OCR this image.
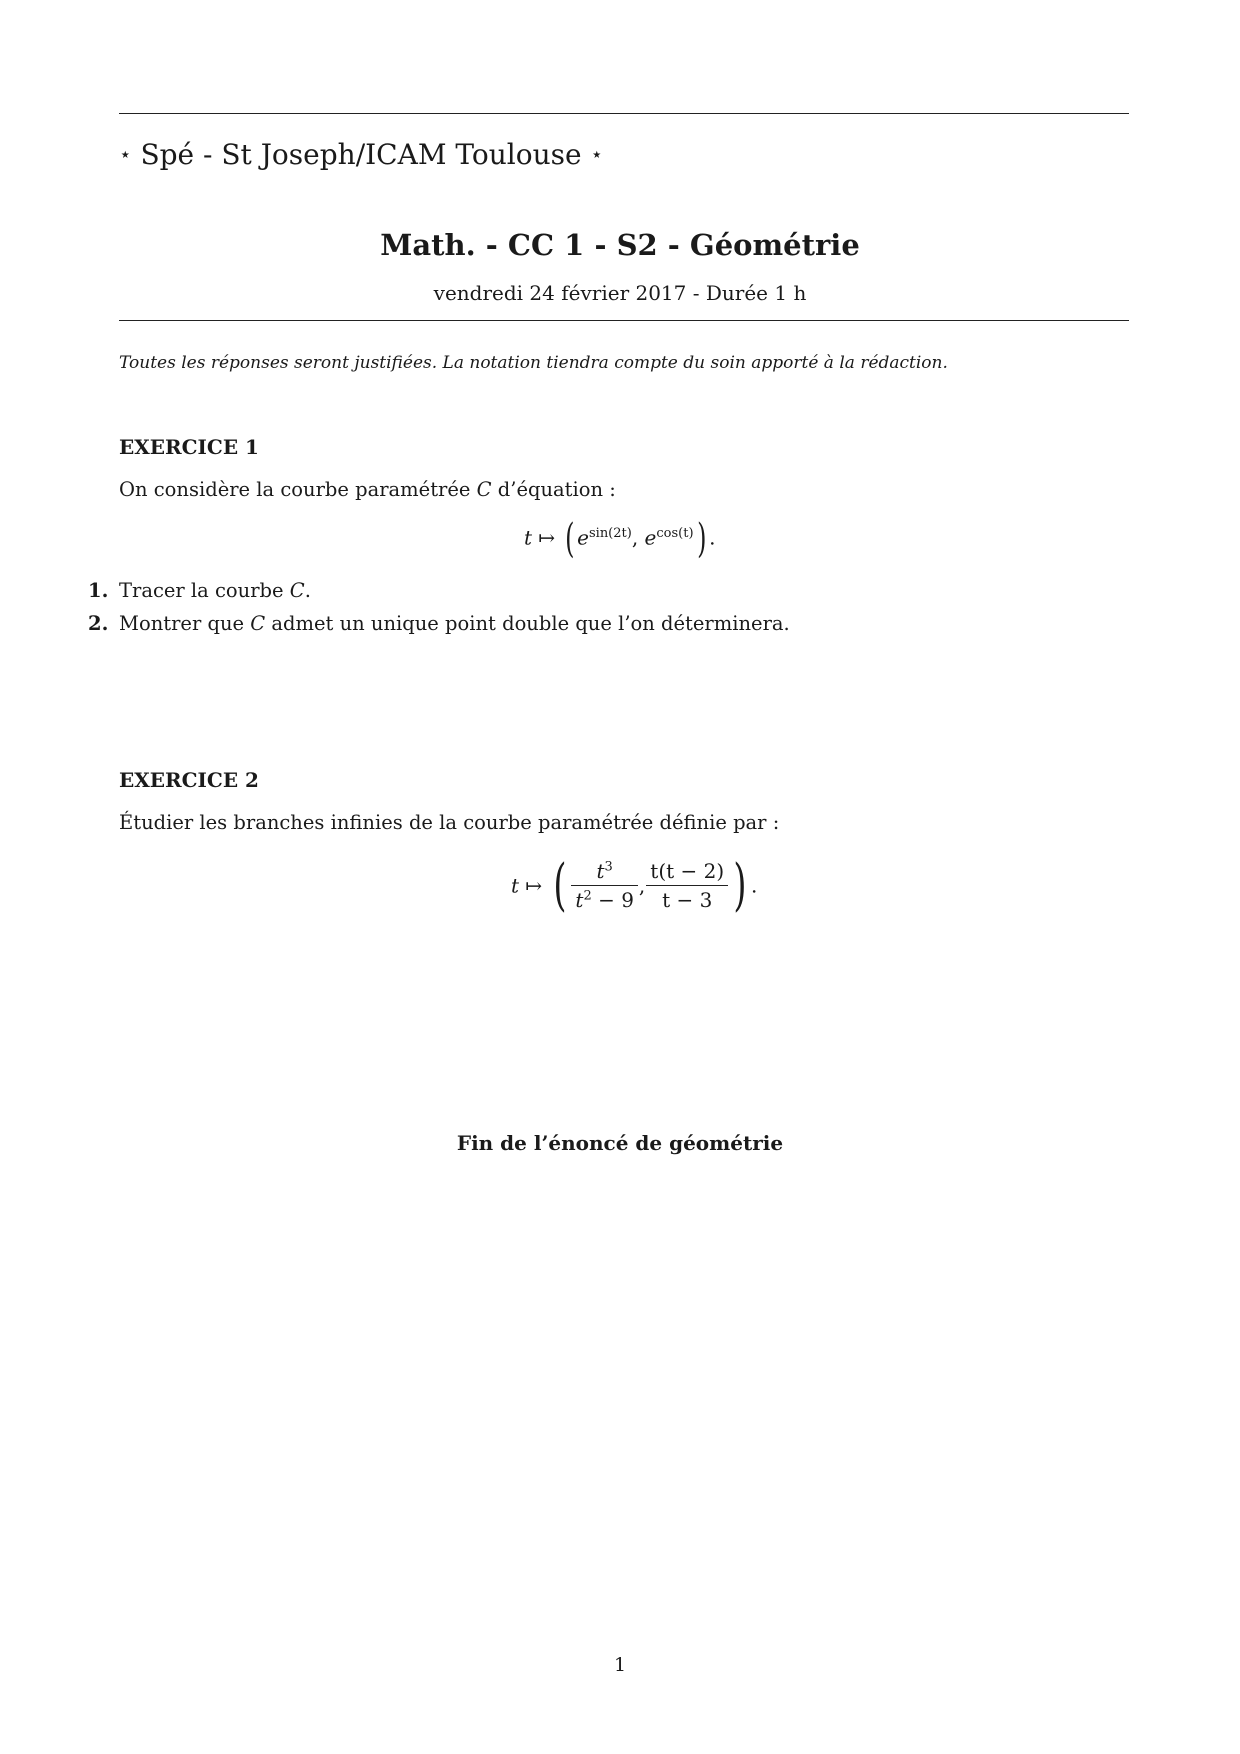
⋆ Spé - St Joseph/ICAM Toulouse ⋆
Math. - CC 1 - S2 - Géométrie
vendredi 24 février 2017 - Durée 1 h
Toutes les réponses seront justifiées. La notation tiendra compte du soin apporté à la rédaction.
EXERCICE 1
On considère la courbe paramétrée C d’équation :
t ↦ ( $e^{sin(2t)}$, $e^{cos(t)}$) .
1. Tracer la courbe C.
2. Montrer que C admet un unique point double que l’on déterminera.
EXERCICE 2
Étudier les branches infinies de la courbe paramétrée définie par :
t ↦ ( $\frac{t^3}{t^2 - 9}$ , $\frac{t(t - 2)}{t - 3}$ ) .
Fin de l’énoncé de géométrie
1
